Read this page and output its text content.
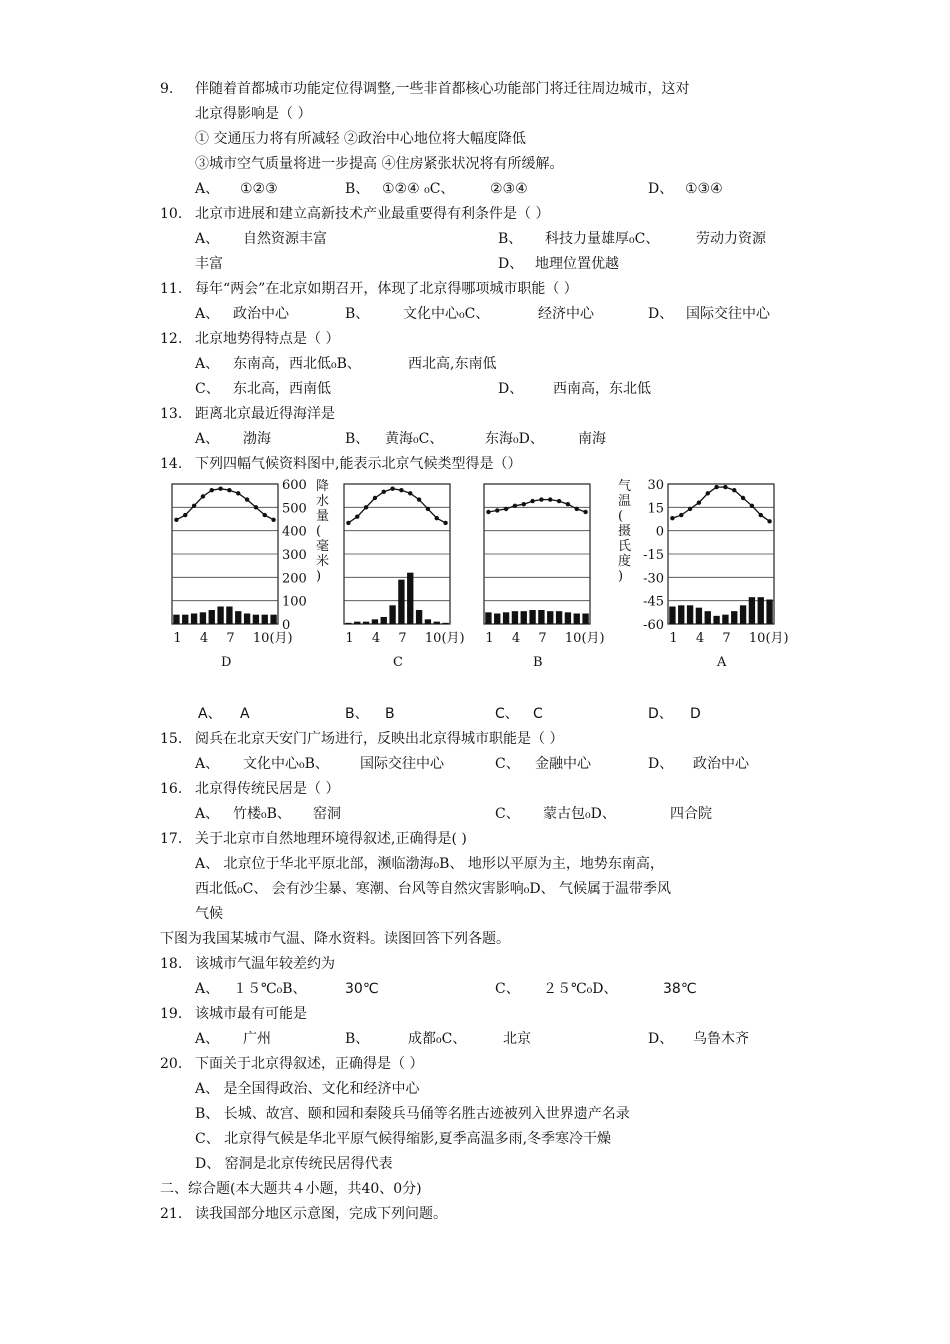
9. 伴随着首都城市功能定位得调整,一些非首都核心功能部门将迁往周边城市，这对
北京得影响是（ ）
① 交通压力将有所减轻 ②政治中心地位将大幅度降低
③城市空气质量将进一步提高 ④住房紧张状况将有所缓解。
A、 ①②③	B、 ①②④ ₀C、	②③④	D、 ①③④
10. 北京市进展和建立高新技术产业最重要得有利条件是（ ）
A、 自然资源丰富	B、 科技力量雄厚₀C、	劳动力资源
丰富	D、 地理位置优越
11. 每年“两会”在北京如期召开，体现了北京得哪项城市职能（ ）
A、 政治中心	B、 文化中心₀C、	经济中心	D、 国际交往中心
12. 北京地势得特点是（ ）
A、 东南高，西北低₀B、	西北高,东南低
C、 东北高，西南低	D、 西南高，东北低
13. 距离北京最近得海洋是
A、 渤海	B、 黄海₀C、	东海₀D、 南海
14. 下列四幅气候资料图中,能表示北京气候类型得是（）
1 4 7 10(月)
D
1 4 7 10(月)
C
1 4 7 10(月)
B
1 4 7 10(月)
A
600
500
400
300
200
100
0
降
水
量
(
毫
米
)
30
15
0
-15
-30
-45
-60
气
温
(
摄
氏
度
)
A、 A	B、 B	C、 C	D、 D
15. 阅兵在北京天安门广场进行，反映出北京得城市职能是（ ）
A、 文化中心₀B、 国际交往中心	C、 金融中心	D、 政治中心
16. 北京得传统民居是（ ）
A、 竹楼₀B、 窑洞	C、 蒙古包₀D、	四合院
17. 关于北京市自然地理环境得叙述,正确得是( )
A、 北京位于华北平原北部，濒临渤海₀B、 地形以平原为主，地势东南高，
西北低₀C、 会有沙尘暴、寒潮、台风等自然灾害影响₀D、 气候属于温带季风
气候
下图为我国某城市气温、降水资料。读图回答下列各题。
18. 该城市气温年较差约为
A、 １５℃₀B、	30℃	C、 ２５℃₀D、	38℃
19. 该城市最有可能是
A、 广州	B、	成都₀C、	北京	D、 乌鲁木齐
20. 下面关于北京得叙述，正确得是（ ）
A、 是全国得政治、文化和经济中心
B、 长城、故宫、颐和园和秦陵兵马俑等名胜古迹被列入世界遗产名录
C、 北京得气候是华北平原气候得缩影,夏季高温多雨,冬季寒冷干燥
D、 窑洞是北京传统民居得代表
二、综合题(本大题共４小题，共40、0分)
21. 读我国部分地区示意图，完成下列问题。
